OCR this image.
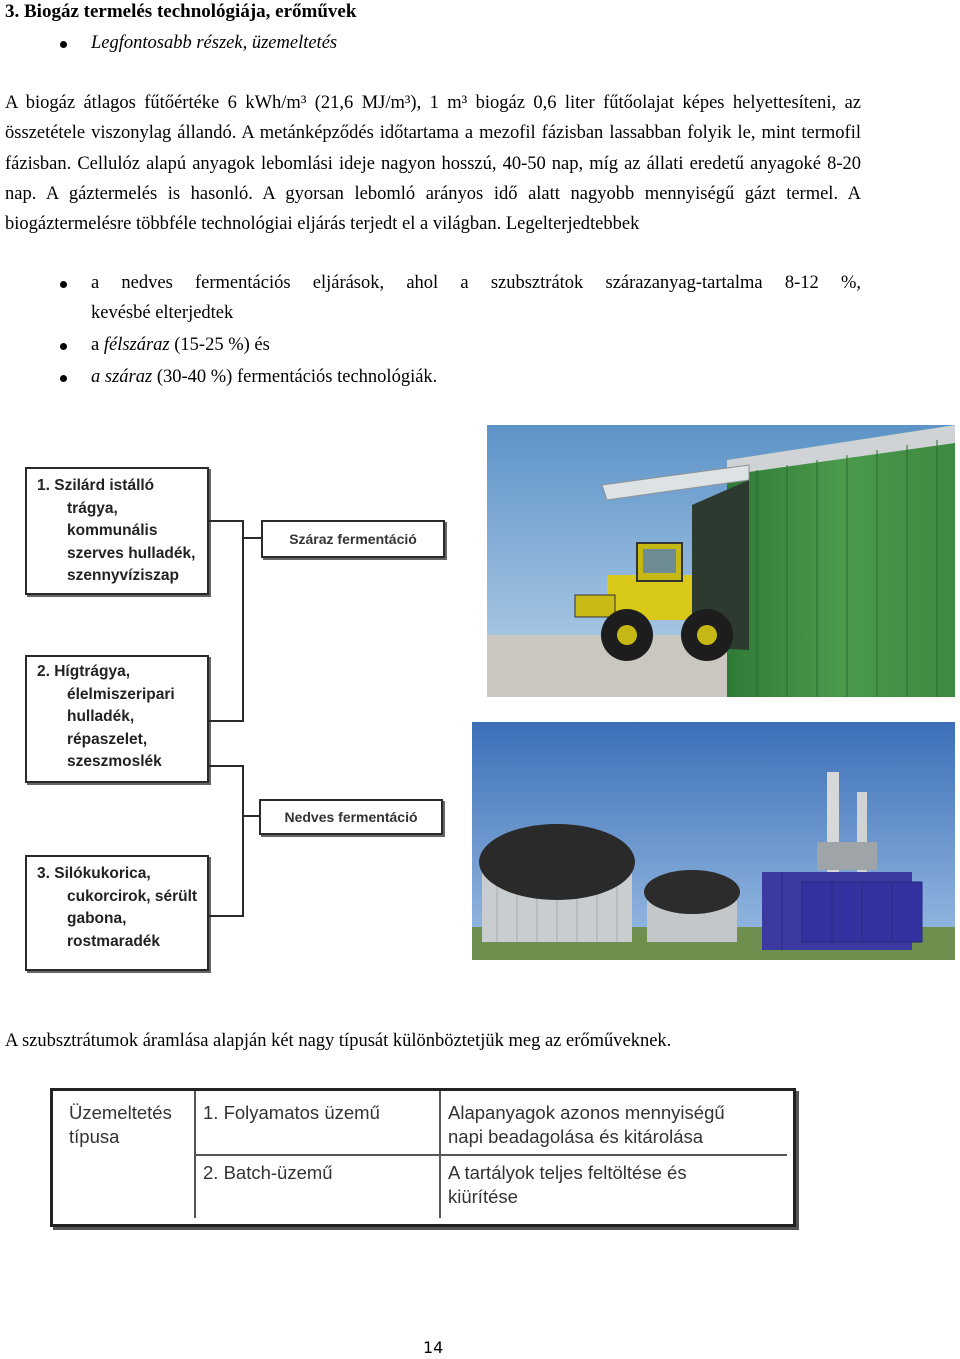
3. Biogáz termelés technológiája, erőművek
Legfontosabb részek, üzemeltetés
A biogáz átlagos fűtőértéke 6 kWh/m³ (21,6 MJ/m³), 1 m³ biogáz 0,6 liter fűtőolajat képes helyettesíteni, az összetétele viszonylag állandó. A metánképződés időtartama a mezofil fázisban lassabban folyik le, mint termofil fázisban. Cellulóz alapú anyagok lebomlási ideje nagyon hosszú, 40-50 nap, míg az állati eredetű anyagoké 8-20 nap. A gáztermelés is hasonló. A gyorsan lebomló arányos idő alatt nagyobb mennyiségű gázt termel. A biogáztermelésre többféle technológiai eljárás terjedt el a világban. Legelterjedtebbek
a nedves fermentációs eljárások, ahol a szubsztrátok szárazanyag-tartalma 8-12 %,
kevésbé elterjedtek
a félszáraz (15-25 %) és
a száraz (30-40 %) fermentációs technológiák.
1. Szilárd istálló
trágya,
kommunális
szerves hulladék,
szennyvíziszap
2. Hígtrágya,
élelmiszeripari
hulladék,
répaszelet,
szeszmoslék
3. Silókukorica,
cukorcirok, sérült
gabona,
rostmaradék
Száraz fermentáció
Nedves fermentáció
A szubsztrátumok áramlása alapján két nagy típusát különböztetjük meg az erőműveknek.
Üzemeltetés
típusa
1. Folyamatos üzemű	Alapanyagok azonos mennyiségű
napi beadagolása és kitárolása
2. Batch-üzemű	A tartályok teljes feltöltése és
kiürítése
14
